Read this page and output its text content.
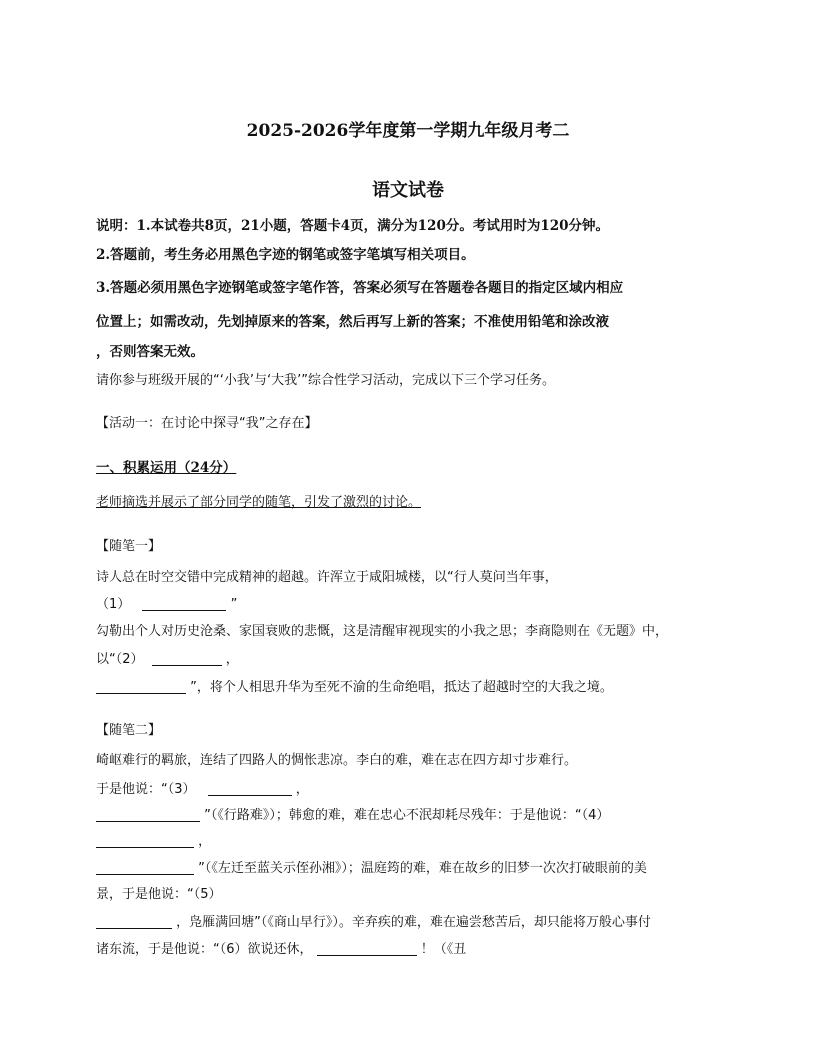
2025-2026学年度第一学期九年级月考二
语文试卷
说明：1.本试卷共8页，21小题，答题卡4页，满分为120分。考试用时为120分钟。
2.答题前，考生务必用黑色字迹的钢笔或签字笔填写相关项目。
3.答题必须用黑色字迹钢笔或签字笔作答，答案必须写在答题卷各题目的指定区域内相应
位置上；如需改动，先划掉原来的答案，然后再写上新的答案；不准使用铅笔和涂改液
，否则答案无效。
请你参与班级开展的“‘小我’与‘大我’”综合性学习活动，完成以下三个学习任务。
【活动一：在讨论中探寻“我”之存在】
一、积累运用（24分）
老师摘选并展示了部分同学的随笔，引发了激烈的讨论。
【随笔一】
诗人总在时空交错中完成精神的超越。许浑立于咸阳城楼，以“行人莫问当年事，
（1）	”
勾勒出个人对历史沧桑、家国衰败的悲慨，这是清醒审视现实的小我之思；李商隐则在《无题》中，
以“（2）	，
”，将个人相思升华为至死不渝的生命绝唱，抵达了超越时空的大我之境。
【随笔二】
崎岖难行的羁旅，连结了四路人的惆怅悲凉。李白的难，难在志在四方却寸步难行。
于是他说：“（3）	，
”（《行路难》）；韩愈的难，难在忠心不泯却耗尽残年：于是他说：“（4）
，
”（《左迁至蓝关示侄孙湘》）；温庭筠的难，难在故乡的旧梦一次次打破眼前的美
景，于是他说：“（5）
，凫雁满回塘”（《商山早行》）。辛弃疾的难，难在遍尝愁苦后，却只能将万般心事付
诸东流，于是他说：“（6）欲说还休，	！（《丑
